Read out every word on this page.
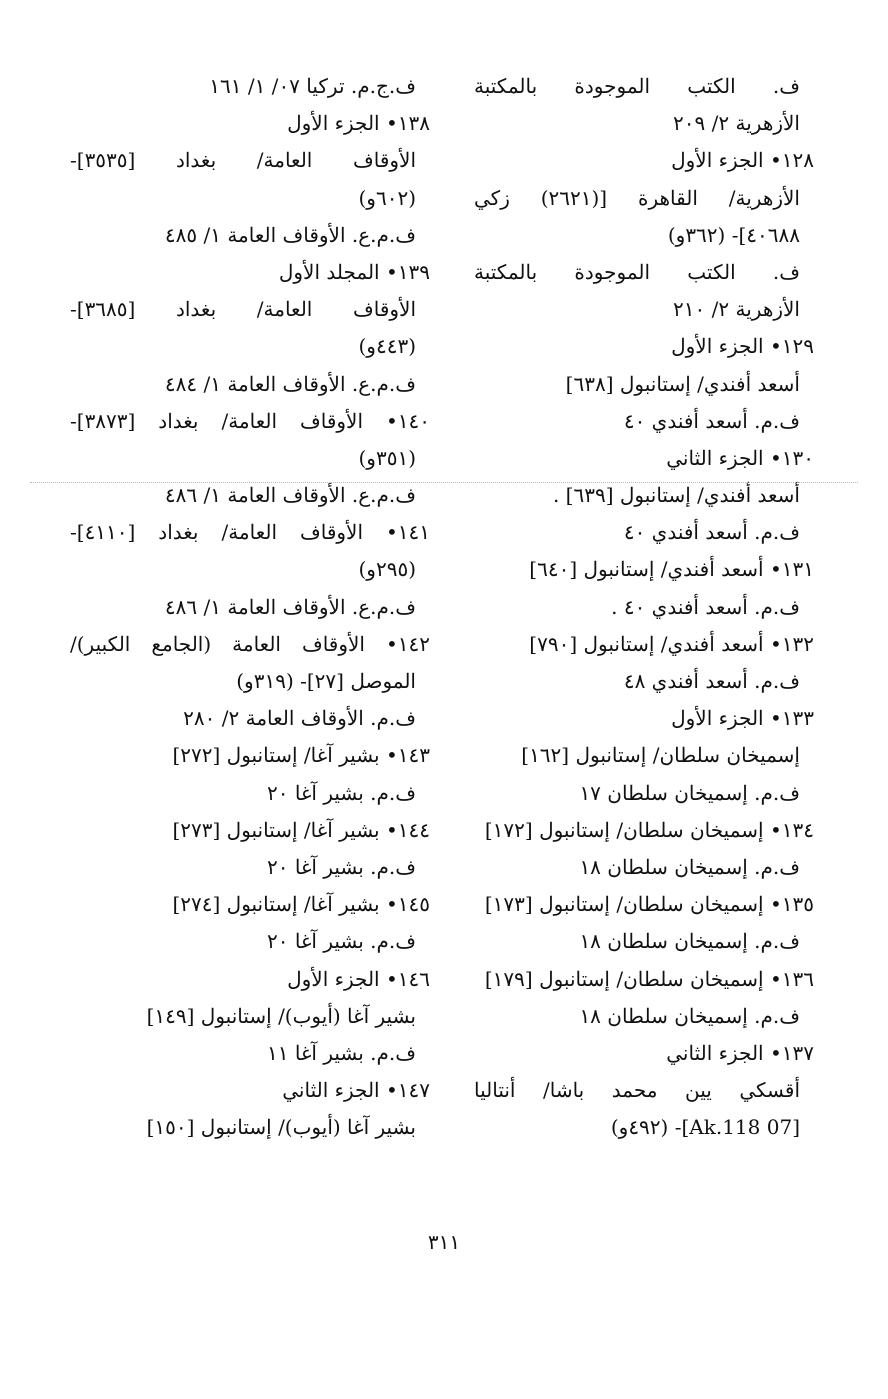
ف. الكتب الموجودة بالمكتبة
الأزهرية ٢/ ٢٠٩
١٢٨• الجزء الأول
الأزهرية/ القاهرة [(٢٦٢١) زكي
٤٠٦٨٨]- (٣٦٢و)
ف. الكتب الموجودة بالمكتبة
الأزهرية ٢/ ٢١٠
١٢٩• الجزء الأول
أسعد أفندي/ إستانبول [٦٣٨]
ف.م. أسعد أفندي ٤٠
١٣٠• الجزء الثاني
أسعد أفندي/ إستانبول [٦٣٩] .
ف.م. أسعد أفندي ٤٠
١٣١• أسعد أفندي/ إستانبول [٦٤٠]
ف.م. أسعد أفندي ٤٠ .
١٣٢• أسعد أفندي/ إستانبول [٧٩٠]
ف.م. أسعد أفندي ٤٨
١٣٣• الجزء الأول
إسميخان سلطان/ إستانبول [١٦٢]
ف.م. إسميخان سلطان ١٧
١٣٤• إسميخان سلطان/ إستانبول [١٧٢]
ف.م. إسميخان سلطان ١٨
١٣٥• إسميخان سلطان/ إستانبول [١٧٣]
ف.م. إسميخان سلطان ١٨
١٣٦• إسميخان سلطان/ إستانبول [١٧٩]
ف.م. إسميخان سلطان ١٨
١٣٧• الجزء الثاني
أقسكي يين محمد باشا/ أنتاليا
[07 Ak.118]- (٤٩٢و)
ف.ج.م. تركيا ٠٧/ ١/ ١٦١
١٣٨• الجزء الأول
الأوقاف العامة/ بغداد [٣٥٣٥]-
(٦٠٢و)
ف.م.ع. الأوقاف العامة ١/ ٤٨٥
١٣٩• المجلد الأول
الأوقاف العامة/ بغداد [٣٦٨٥]-
(٤٤٣و)
ف.م.ع. الأوقاف العامة ١/ ٤٨٤
١٤٠• الأوقاف العامة/ بغداد [٣٨٧٣]-
(٣٥١و)
ف.م.ع. الأوقاف العامة ١/ ٤٨٦
١٤١• الأوقاف العامة/ بغداد [٤١١٠]-
(٢٩٥و)
ف.م.ع. الأوقاف العامة ١/ ٤٨٦
١٤٢• الأوقاف العامة (الجامع الكبير)/
الموصل [٢٧]- (٣١٩و)
ف.م. الأوقاف العامة ٢/ ٢٨٠
١٤٣• بشير آغا/ إستانبول [٢٧٢]
ف.م. بشير آغا ٢٠
١٤٤• بشير آغا/ إستانبول [٢٧٣]
ف.م. بشير آغا ٢٠
١٤٥• بشير آغا/ إستانبول [٢٧٤]
ف.م. بشير آغا ٢٠
١٤٦• الجزء الأول
بشير آغا (أيوب)/ إستانبول [١٤٩]
ف.م. بشير آغا ١١
١٤٧• الجزء الثاني
بشير آغا (أيوب)/ إستانبول [١٥٠]
٣١١
